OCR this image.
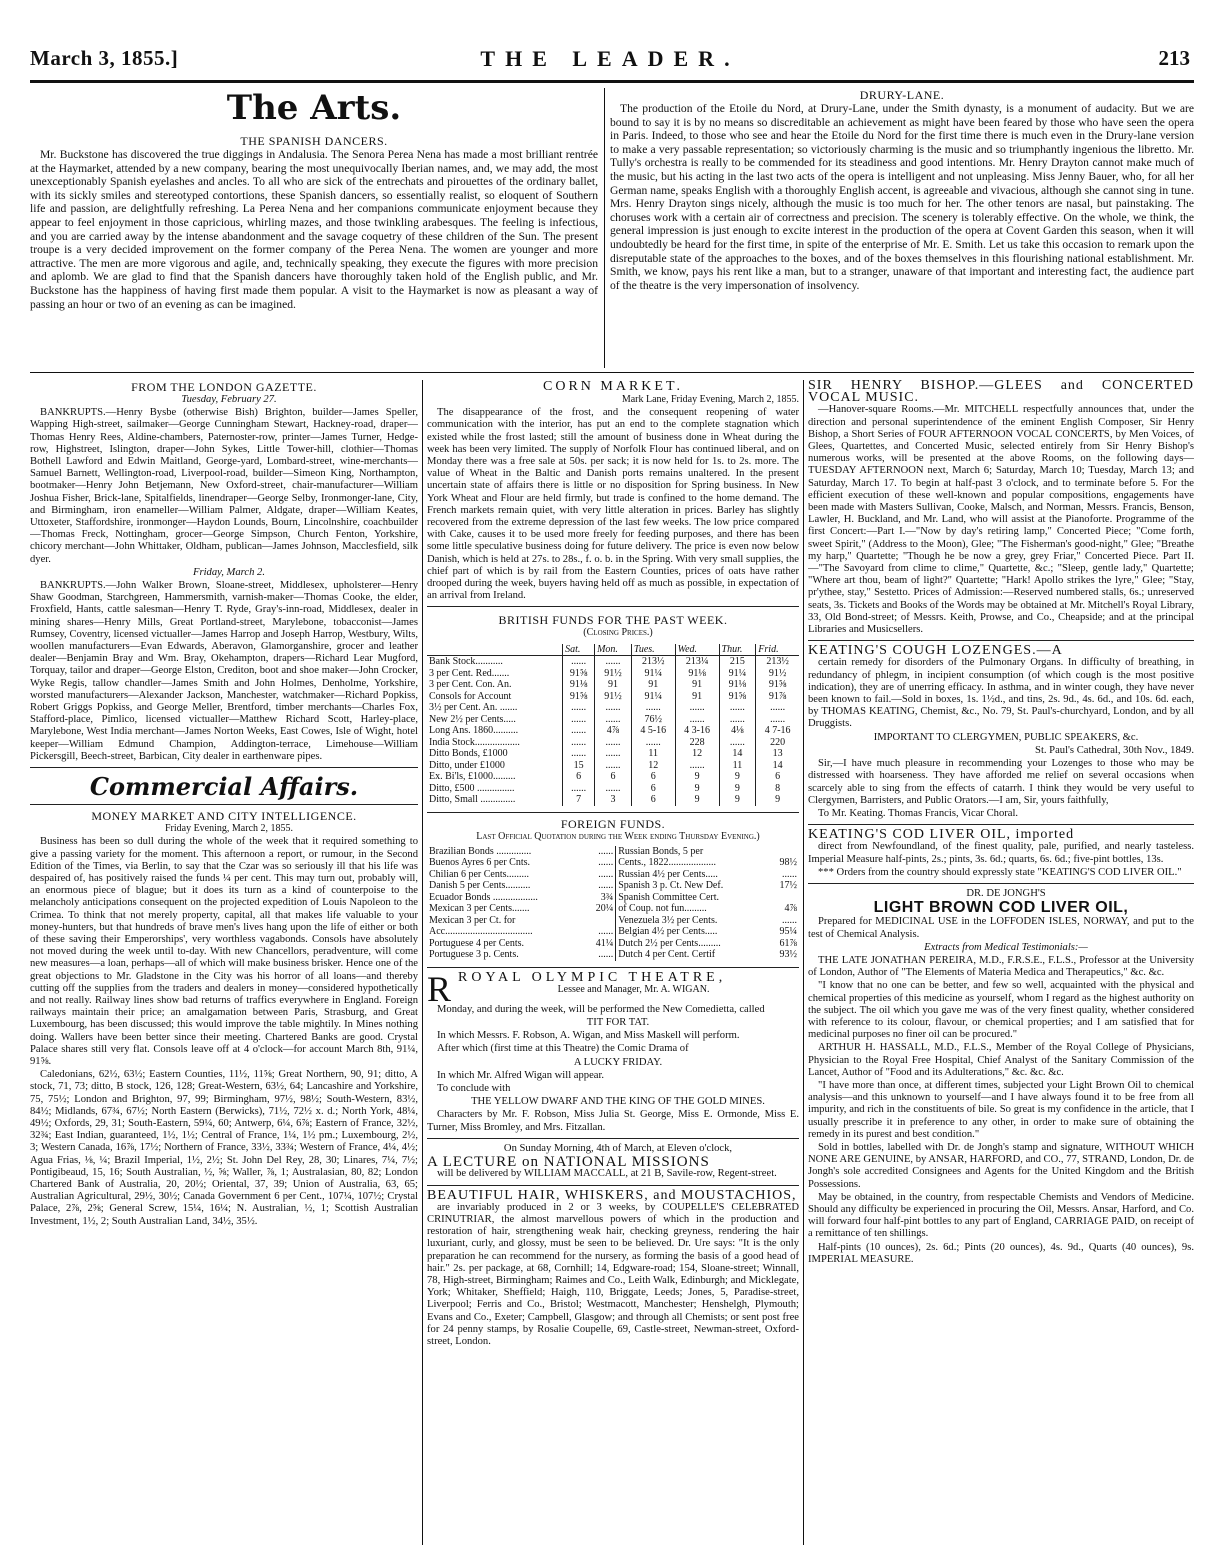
March 3, 1855.]	THE LEADER.	213
The Arts.
THE SPANISH DANCERS.

Mr. Buckstone has discovered the true diggings in Andalusia. The Senora Perea Nena has made a most brilliant rentrée at the Haymarket, attended by a new company, bearing the most unequivocally Iberian names, and, we may add, the most unexceptionably Spanish eyelashes and ancles. To all who are sick of the entrechats and pirouettes of the ordinary ballet, with its sickly smiles and stereotyped contortions, these Spanish dancers, so essentially realist, so eloquent of Southern life and passion, are delightfully refreshing. La Perea Nena and her companions communicate enjoyment because they appear to feel enjoyment in those capricious, whirling mazes, and those twinkling arabesques. The feeling is infectious, and you are carried away by the intense abandonment and the savage coquetry of these children of the Sun. The present troupe is a very decided improvement on the former company of the Perea Nena. The women are younger and more attractive. The men are more vigorous and agile, and, technically speaking, they execute the figures with more precision and aplomb. We are glad to find that the Spanish dancers have thoroughly taken hold of the English public, and Mr. Buckstone has the happiness of having first made them popular. A visit to the Haymarket is now as pleasant a way of passing an hour or two of an evening as can be imagined.

DRURY-LANE.

The production of the Etoile du Nord, at Drury-Lane, under the Smith dynasty, is a monument of audacity. But we are bound to say it is by no means so discreditable an achievement as might have been feared by those who have seen the opera in Paris. Indeed, to those who see and hear the Etoile du Nord for the first time there is much even in the Drury-lane version to make a very passable representation; so victoriously charming is the music and so triumphantly ingenious the libretto. Mr. Tully's orchestra is really to be commended for its steadiness and good intentions. Mr. Henry Drayton cannot make much of the music, but his acting in the last two acts of the opera is intelligent and not unpleasing. Miss Jenny Bauer, who, for all her German name, speaks English with a thoroughly English accent, is agreeable and vivacious, although she cannot sing in tune. Mrs. Henry Drayton sings nicely, although the music is too much for her. The other tenors are nasal, but painstaking. The choruses work with a certain air of correctness and precision. The scenery is tolerably effective. On the whole, we think, the general impression is just enough to excite interest in the production of the opera at Covent Garden this season, when it will undoubtedly be heard for the first time, in spite of the enterprise of Mr. E. Smith. Let us take this occasion to remark upon the disreputable state of the approaches to the boxes, and of the boxes themselves in this flourishing national establishment. Mr. Smith, we know, pays his rent like a man, but to a stranger, unaware of that important and interesting fact, the audience part of the theatre is the very impersonation of insolvency.

FROM THE LONDON GAZETTE.

Tuesday, February 27.

BANKRUPTS.—Henry Bysbe (otherwise Bish) Brighton, builder—James Speller, Wapping High-street, sailmaker—George Cunningham Stewart, Hackney-road, draper—Thomas Henry Rees, Aldine-chambers, Paternoster-row, printer—James Turner, Hedge-row, Highstreet, Islington, draper—John Sykes, Little Tower-hill, clothier—Thomas Bothell Lawford and Edwin Maitland, George-yard, Lombard-street, wine-merchants—Samuel Barnett, Wellington-road, Liverpool-road, builder—Simeon King, Northampton, bootmaker—Henry John Betjemann, New Oxford-street, chair-manufacturer—William Joshua Fisher, Brick-lane, Spitalfields, linendraper—George Selby, Ironmonger-lane, City, and Birmingham, iron enameller—William Palmer, Aldgate, draper—William Keates, Uttoxeter, Staffordshire, ironmonger—Haydon Lounds, Bourn, Lincolnshire, coachbuilder—Thomas Freck, Nottingham, grocer—George Simpson, Church Fenton, Yorkshire, chicory merchant—John Whittaker, Oldham, publican—James Johnson, Macclesfield, silk dyer.

Friday, March 2.

BANKRUPTS.—John Walker Brown, Sloane-street, Middlesex, upholsterer—Henry Shaw Goodman, Starchgreen, Hammersmith, varnish-maker—Thomas Cooke, the elder, Froxfield, Hants, cattle salesman—Henry T. Ryde, Gray's-inn-road, Middlesex, dealer in mining shares—Henry Mills, Great Portland-street, Marylebone, tobacconist—James Rumsey, Coventry, licensed victualler—James Harrop and Joseph Harrop, Westbury, Wilts, woollen manufacturers—Evan Edwards, Aberavon, Glamorganshire, grocer and leather dealer—Benjamin Bray and Wm. Bray, Okehampton, drapers—Richard Lear Mugford, Torquay, tailor and draper—George Elston, Crediton, boot and shoe maker—John Crocker, Wyke Regis, tallow chandler—James Smith and John Holmes, Denholme, Yorkshire, worsted manufacturers—Alexander Jackson, Manchester, watchmaker—Richard Popkiss, Robert Griggs Popkiss, and George Meller, Brentford, timber merchants—Charles Fox, Stafford-place, Pimlico, licensed victualler—Matthew Richard Scott, Harley-place, Marylebone, West India merchant—James Norton Weeks, East Cowes, Isle of Wight, hotel keeper—William Edmund Champion, Addington-terrace, Limehouse—William Pickersgill, Beech-street, Barbican, City dealer in earthenware pipes.

Commercial Affairs.
MONEY MARKET AND CITY INTELLIGENCE.

Friday Evening, March 2, 1855.

Business has been so dull during the whole of the week that it required something to give a passing variety for the moment. This afternoon a report, or rumour, in the Second Edition of the Times, via Berlin, to say that the Czar was so seriously ill that his life was despaired of, has positively raised the funds ¼ per cent. This may turn out, probably will, an enormous piece of blague; but it does its turn as a kind of counterpoise to the melancholy anticipations consequent on the projected expedition of Louis Napoleon to the Crimea. To think that not merely property, capital, all that makes life valuable to your money-hunters, but that hundreds of brave men's lives hang upon the life of either or both of these saving their Emperorships', very worthless vagabonds. Consols have absolutely not moved during the week until to-day. With new Chancellors, peradventure, will come new measures—a loan, perhaps—all of which will make business brisker. Hence one of the great objections to Mr. Gladstone in the City was his horror of all loans—and thereby cutting off the supplies from the traders and dealers in money—considered hypothetically and not really. Railway lines show bad returns of traffics everywhere in England. Foreign railways maintain their price; an amalgamation between Paris, Strasburg, and Great Luxembourg, has been discussed; this would improve the table mightily. In Mines nothing doing. Wallers have been better since their meeting. Chartered Banks are good. Crystal Palace shares still very flat. Consols leave off at 4 o'clock—for account March 8th, 91¼, 91⅝.

Caledonians, 62½, 63½; Eastern Counties, 11½, 11⅝; Great Northern, 90, 91; ditto, A stock, 71, 73; ditto, B stock, 126, 128; Great-Western, 63½, 64; Lancashire and Yorkshire, 75, 75½; London and Brighton, 97, 99; Birmingham, 97½, 98½; South-Western, 83½, 84½; Midlands, 67¾, 67½; North Eastern (Berwicks), 71½, 72½ x. d.; North York, 48¼, 49½; Oxfords, 29, 31; South-Eastern, 59¼, 60; Antwerp, 6¼, 6⅞; Eastern of France, 32½, 32¾; East Indian, guaranteed, 1½, 1½; Central of France, 1¼, 1½ pm.; Luxembourg, 2½, 3; Western Canada, 16⅞, 17½; Northern of France, 33½, 33¾; Western of France, 4¼, 4½; Agua Frias, ⅛, ¼; Brazil Imperial, 1½, 2½; St. John Del Rey, 28, 30; Linares, 7¼, 7½; Pontigibeaud, 15, 16; South Australian, ½, ⅝; Waller, ⅞, 1; Australasian, 80, 82; London Chartered Bank of Australia, 20, 20½; Oriental, 37, 39; Union of Australia, 63, 65; Australian Agricultural, 29½, 30½; Canada Government 6 per Cent., 107¼, 107½; Crystal Palace, 2⅞, 2⅝; General Screw, 15¼, 16¼; N. Australian, ½, 1; Scottish Australian Investment, 1½, 2; South Australian Land, 34½, 35½.

CORN MARKET.

Mark Lane, Friday Evening, March 2, 1855.

The disappearance of the frost, and the consequent reopening of water communication with the interior, has put an end to the complete stagnation which existed while the frost lasted; still the amount of business done in Wheat during the week has been very limited. The supply of Norfolk Flour has continued liberal, and on Monday there was a free sale at 50s. per sack; it is now held for 1s. to 2s. more. The value of Wheat in the Baltic and Danish ports remains unaltered. In the present uncertain state of affairs there is little or no disposition for Spring business. In New York Wheat and Flour are held firmly, but trade is confined to the home demand. The French markets remain quiet, with very little alteration in prices. Barley has slightly recovered from the extreme depression of the last few weeks. The low price compared with Cake, causes it to be used more freely for feeding purposes, and there has been some little speculative business doing for future delivery. The price is even now below Danish, which is held at 27s. to 28s., f. o. b. in the Spring. With very small supplies, the chief part of which is by rail from the Eastern Counties, prices of oats have rather drooped during the week, buyers having held off as much as possible, in expectation of an arrival from Ireland.

BRITISH FUNDS FOR THE PAST WEEK.

(Closing Prices.)

	Sat.	Mon.	Tues.	Wed.	Thur.	Frid.
Bank Stock...........	......	......	213½	213¼	215	213½
3 per Cent. Red.......	91⅝	91½	91¼	91⅛	91¼	91½
3 per Cent. Con. An.	91⅛	91	91	91	91⅛	91⅝
Consols for Account	91⅝	91½	91¼	91	91⅝	91⅞
3½ per Cent. An. .......	......	......	......	......	......	......
New 2½ per Cents.....	......	......	76½	......	......	......
Long Ans. 1860..........	......	4⅞	4 5-16	4 3-16	4⅛	4 7-16
India Stock..................	......	......	......	228	......	220
Ditto Bonds, £1000	......	......	11	12	14	13
Ditto, under £1000	15	......	12	......	11	14
Ex. Bi'ls, £1000.........	6	6	6	9	9	6
Ditto, £500 ...............	......	......	6	9	9	8
Ditto, Small ..............	7	3	6	9	9	9
FOREIGN FUNDS.

Last Official Quotation during the Week ending Thursday Evening.)

Brazilian Bonds ..............	......	Russian Bonds, 5 per	
Buenos Ayres 6 per Cnts.	......	Cents., 1822...................	98½
Chilian 6 per Cents.........	......	Russian 4½ per Cents.....	......
Danish 5 per Cents..........	......	Spanish 3 p. Ct. New Def.	17½
Ecuador Bonds ..................	3¾	Spanish Committee Cert.	
Mexican 3 per Cents.......	20¼	of Coup. not fun.........	4⅞
Mexican 3 per Ct. for		Venezuela 3½ per Cents.	......
Acc...................................	......	Belgian 4½ per Cents.....	95¼
Portuguese 4 per Cents.	41¼	Dutch 2½ per Cents.........	61⅞
Portuguese 3 p. Cents.	......	Dutch 4 per Cent. Certif	93½
RROYAL OLYMPIC THEATRE,

Lessee and Manager, Mr. A. WIGAN.

Monday, and during the week, will be performed the New Comedietta, called

TIT FOR TAT.

In which Messrs. F. Robson, A. Wigan, and Miss Maskell will perform.

After which (first time at this Theatre) the Comic Drama of

A LUCKY FRIDAY.

In which Mr. Alfred Wigan will appear.

To conclude with

THE YELLOW DWARF AND THE KING OF THE GOLD MINES.

Characters by Mr. F. Robson, Miss Julia St. George, Miss E. Ormonde, Miss E. Turner, Miss Bromley, and Mrs. Fitzallan.

On Sunday Morning, 4th of March, at Eleven o'clock,

A LECTURE on NATIONAL MISSIONS

will be delivered by WILLIAM MACCALL, at 21 B, Savile-row, Regent-street.

BEAUTIFUL HAIR, WHISKERS, and MOUSTACHIOS,

are invariably produced in 2 or 3 weeks, by COUPELLE'S CELEBRATED CRINUTRIAR, the almost marvellous powers of which in the production and restoration of hair, strengthening weak hair, checking greyness, rendering the hair luxuriant, curly, and glossy, must be seen to be believed. Dr. Ure says: "It is the only preparation he can recommend for the nursery, as forming the basis of a good head of hair." 2s. per package, at 68, Cornhill; 14, Edgware-road; 154, Sloane-street; Winnall, 78, High-street, Birmingham; Raimes and Co., Leith Walk, Edinburgh; and Micklegate, York; Whitaker, Sheffield; Haigh, 110, Briggate, Leeds; Jones, 5, Paradise-street, Liverpool; Ferris and Co., Bristol; Westmacott, Manchester; Henshelgh, Plymouth; Evans and Co., Exeter; Campbell, Glasgow; and through all Chemists; or sent post free for 24 penny stamps, by Rosalie Coupelle, 69, Castle-street, Newman-street, Oxford-street, London.

SIR HENRY BISHOP.—GLEES and CONCERTED VOCAL MUSIC.

—Hanover-square Rooms.—Mr. MITCHELL respectfully announces that, under the direction and personal superintendence of the eminent English Composer, Sir Henry Bishop, a Short Series of FOUR AFTERNOON VOCAL CONCERTS, by Men Voices, of Glees, Quartettes, and Concerted Music, selected entirely from Sir Henry Bishop's numerous works, will be presented at the above Rooms, on the following days—TUESDAY AFTERNOON next, March 6; Saturday, March 10; Tuesday, March 13; and Saturday, March 17. To begin at half-past 3 o'clock, and to terminate before 5. For the efficient execution of these well-known and popular compositions, engagements have been made with Masters Sullivan, Cooke, Malsch, and Norman, Messrs. Francis, Benson, Lawler, H. Buckland, and Mr. Land, who will assist at the Pianoforte. Programme of the first Concert:—Part I.—"Now by day's retiring lamp," Concerted Piece; "Come forth, sweet Spirit," (Address to the Moon), Glee; "The Fisherman's good-night," Glee; "Breathe my harp," Quartette; "Though he be now a grey, grey Friar," Concerted Piece. Part II.—"The Savoyard from clime to clime," Quartette, &c.; "Sleep, gentle lady," Quartette; "Where art thou, beam of light?" Quartette; "Hark! Apollo strikes the lyre," Glee; "Stay, pr'ythee, stay," Sestetto. Prices of Admission:—Reserved numbered stalls, 6s.; unreserved seats, 3s. Tickets and Books of the Words may be obtained at Mr. Mitchell's Royal Library, 33, Old Bond-street; of Messrs. Keith, Prowse, and Co., Cheapside; and at the principal Libraries and Musicsellers.

KEATING'S COUGH LOZENGES.—A

certain remedy for disorders of the Pulmonary Organs. In difficulty of breathing, in redundancy of phlegm, in incipient consumption (of which cough is the most positive indication), they are of unerring efficacy. In asthma, and in winter cough, they have never been known to fail.—Sold in boxes, 1s. 1½d., and tins, 2s. 9d., 4s. 6d., and 10s. 6d. each, by THOMAS KEATING, Chemist, &c., No. 79, St. Paul's-churchyard, London, and by all Druggists.

IMPORTANT TO CLERGYMEN, PUBLIC SPEAKERS, &c.

St. Paul's Cathedral, 30th Nov., 1849.

Sir,—I have much pleasure in recommending your Lozenges to those who may be distressed with hoarseness. They have afforded me relief on several occasions when scarcely able to sing from the effects of catarrh. I think they would be very useful to Clergymen, Barristers, and Public Orators.—I am, Sir, yours faithfully,

To Mr. Keating. Thomas Francis, Vicar Choral.

KEATING'S COD LIVER OIL, imported

direct from Newfoundland, of the finest quality, pale, purified, and nearly tasteless. Imperial Measure half-pints, 2s.; pints, 3s. 6d.; quarts, 6s. 6d.; five-pint bottles, 13s.

*** Orders from the country should expressly state "KEATING'S COD LIVER OIL."

DR. DE JONGH'S

LIGHT BROWN COD LIVER OIL,

Prepared for MEDICINAL USE in the LOFFODEN ISLES, NORWAY, and put to the test of Chemical Analysis.

Extracts from Medical Testimonials:—

THE LATE JONATHAN PEREIRA, M.D., F.R.S.E., F.L.S., Professor at the University of London, Author of "The Elements of Materia Medica and Therapeutics," &c. &c.

"I know that no one can be better, and few so well, acquainted with the physical and chemical properties of this medicine as yourself, whom I regard as the highest authority on the subject. The oil which you gave me was of the very finest quality, whether considered with reference to its colour, flavour, or chemical properties; and I am satisfied that for medicinal purposes no finer oil can be procured."

ARTHUR H. HASSALL, M.D., F.L.S., Member of the Royal College of Physicians, Physician to the Royal Free Hospital, Chief Analyst of the Sanitary Commission of the Lancet, Author of "Food and its Adulterations," &c. &c. &c.

"I have more than once, at different times, subjected your Light Brown Oil to chemical analysis—and this unknown to yourself—and I have always found it to be free from all impurity, and rich in the constituents of bile. So great is my confidence in the article, that I usually prescribe it in preference to any other, in order to make sure of obtaining the remedy in its purest and best condition."

Sold in bottles, labelled with Dr. de Jongh's stamp and signature, WITHOUT WHICH NONE ARE GENUINE, by ANSAR, HARFORD, and CO., 77, STRAND, London, Dr. de Jongh's sole accredited Consignees and Agents for the United Kingdom and the British Possessions.

May be obtained, in the country, from respectable Chemists and Vendors of Medicine. Should any difficulty be experienced in procuring the Oil, Messrs. Ansar, Harford, and Co. will forward four half-pint bottles to any part of England, CARRIAGE PAID, on receipt of a remittance of ten shillings.

Half-pints (10 ounces), 2s. 6d.; Pints (20 ounces), 4s. 9d., Quarts (40 ounces), 9s. IMPERIAL MEASURE.
